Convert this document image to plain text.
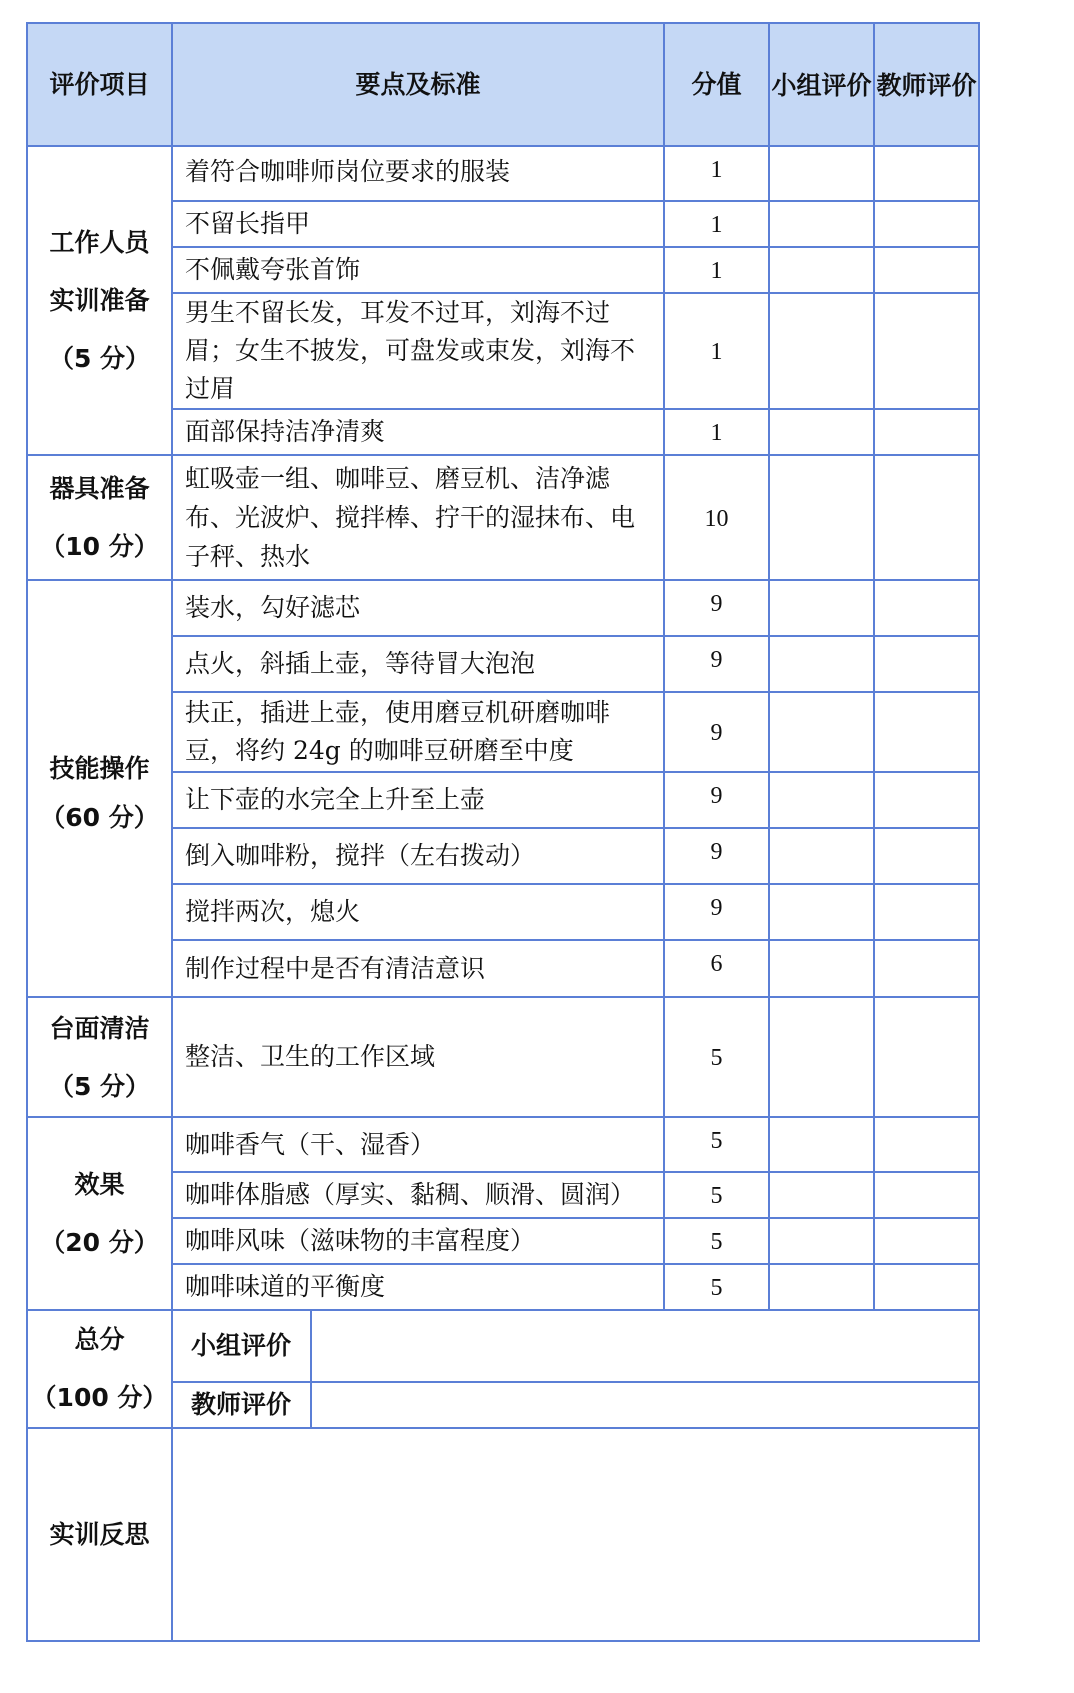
评价项目	要点及标准		分值	小组评价	教师评价

工作人员
实训准备
（5 分）	着符合咖啡师岗位要求的服装		1		
	不留长指甲		1		
	不佩戴夸张首饰		1		
	男生不留长发，耳发不过耳，刘海不过眉；女生不披发，可盘发或束发，刘海不过眉		1		
	面部保持洁净清爽		1		

器具准备
（10 分）	虹吸壶一组、咖啡豆、磨豆机、洁净滤布、光波炉、搅拌棒、拧干的湿抹布、电子秤、热水		10		

技能操作
（60 分）	装水，勾好滤芯		9		
	点火，斜插上壶，等待冒大泡泡		9		
	扶正，插进上壶，使用磨豆机研磨咖啡豆，将约 24g 的咖啡豆研磨至中度		9		
	让下壶的水完全上升至上壶		9		
	倒入咖啡粉，搅拌（左右拨动）		9		
	搅拌两次，熄火		9		
	制作过程中是否有清洁意识		6		

台面清洁
（5 分）	整洁、卫生的工作区域		5		

效果
（20 分）	咖啡香气（干、湿香）		5		
	咖啡体脂感（厚实、黏稠、顺滑、圆润）		5		
	咖啡风味（滋味物的丰富程度）		5		
	咖啡味道的平衡度		5		

总分
（100 分）	小组评价				
	教师评价				
实训反思					
